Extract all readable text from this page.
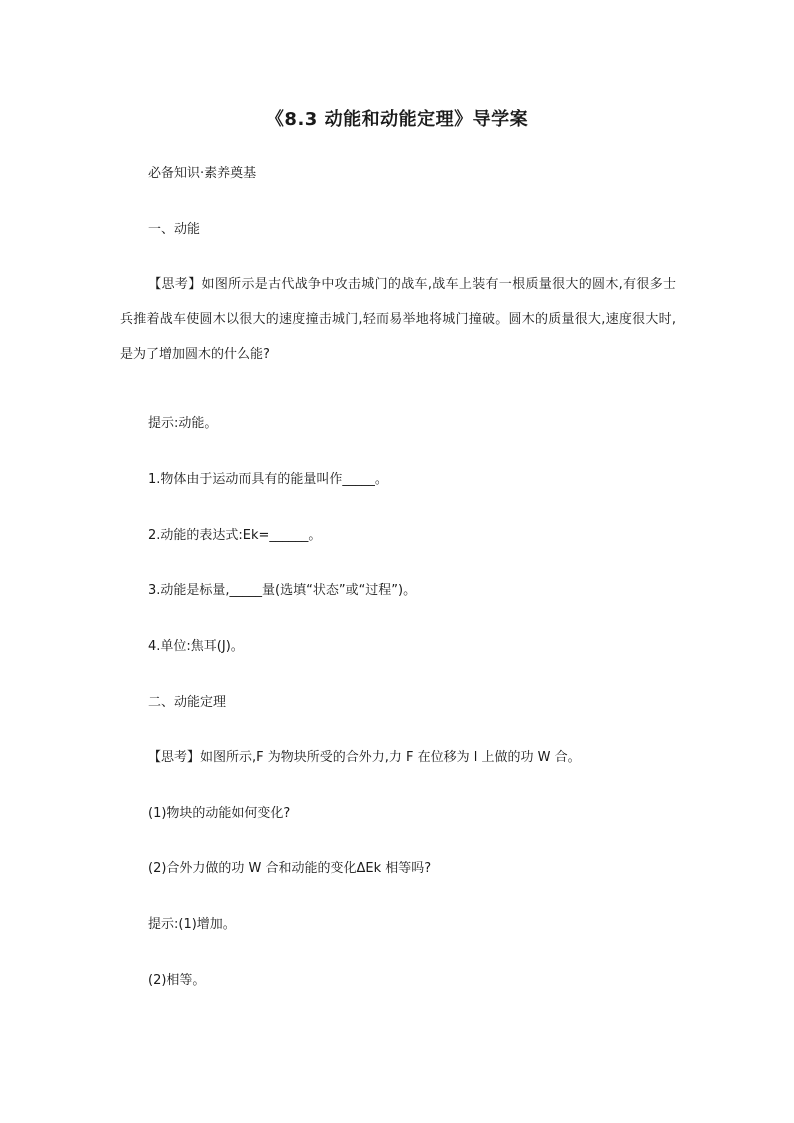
《8.3 动能和动能定理》导学案
必备知识·素养奠基
一、动能
【思考】如图所示是古代战争中攻击城门的战车,战车上装有一根质量很大的圆木,有很多士兵推着战车使圆木以很大的速度撞击城门,轻而易举地将城门撞破。圆木的质量很大,速度很大时,是为了增加圆木的什么能?
提示:动能。
1.物体由于运动而具有的能量叫作_____。
2.动能的表达式:Ek=______。
3.动能是标量,_____量(选填“状态”或“过程”)。
4.单位:焦耳(J)。
二、动能定理
【思考】如图所示,F 为物块所受的合外力,力 F 在位移为 l 上做的功 W 合。
(1)物块的动能如何变化?
(2)合外力做的功 W 合和动能的变化ΔEk 相等吗?
提示:(1)增加。
(2)相等。
